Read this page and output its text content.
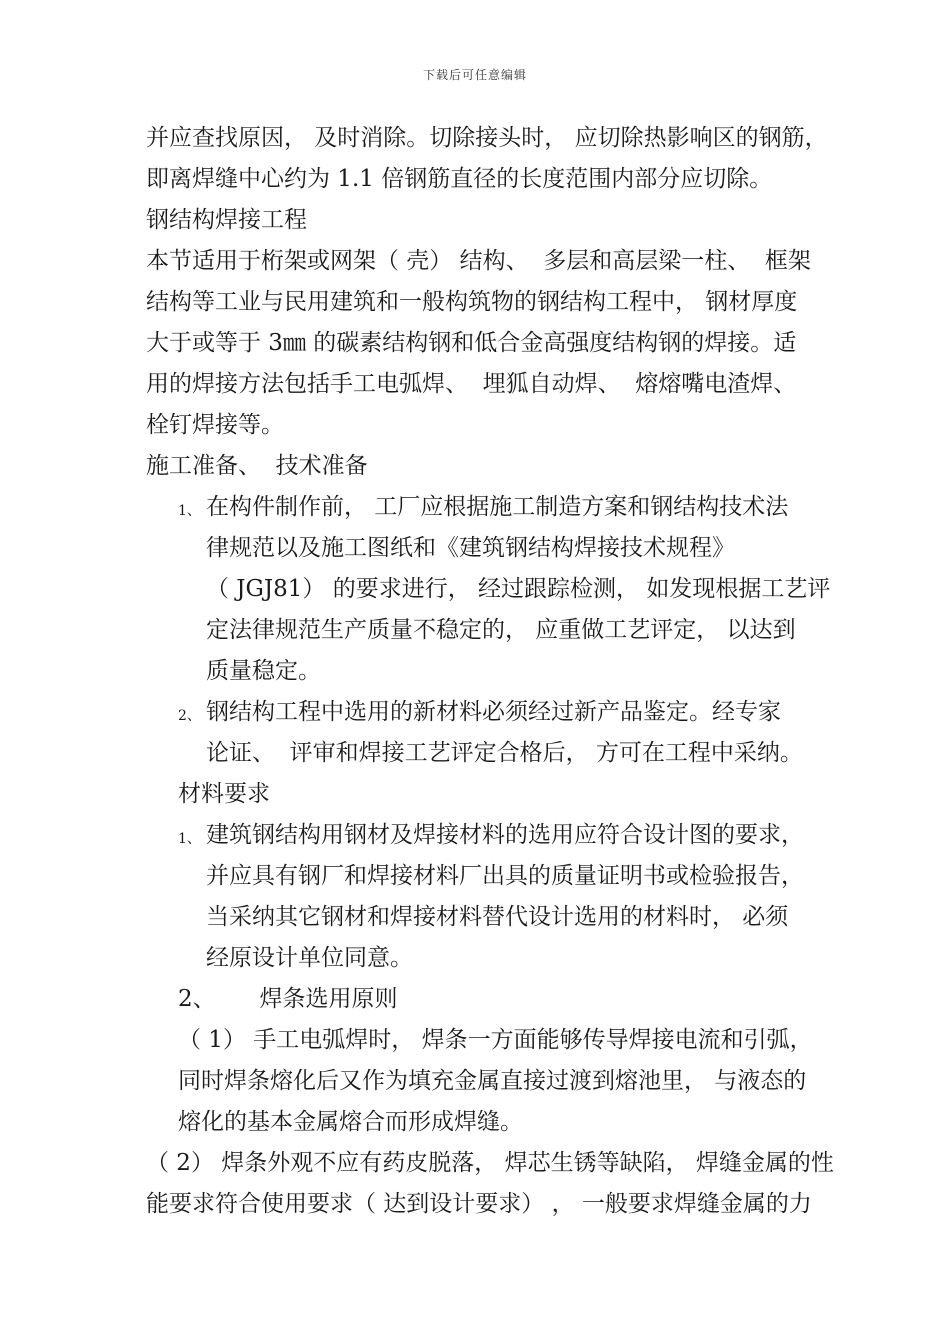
下载后可任意编辑
并应查找原因， 及时消除。切除接头时， 应切除热影响区的钢筋，
即离焊缝中心约为 1.1 倍钢筋直径的长度范围内部分应切除。
钢结构焊接工程
本节适用于桁架或网架（ 壳） 结构、  多层和高层梁一柱、  框架
结构等工业与民用建筑和一般构筑物的钢结构工程中， 钢材厚度
大于或等于 3㎜ 的碳素结构钢和低合金高强度结构钢的焊接。适
用的焊接方法包括手工电弧焊、  埋狐自动焊、  熔熔嘴电渣焊、
栓钉焊接等。
施工准备、  技术准备
1、 在构件制作前， 工厂应根据施工制造方案和钢结构技术法
律规范以及施工图纸和《建筑钢结构焊接技术规程》
（ JGJ81） 的要求进行， 经过跟踪检测， 如发现根据工艺评
定法律规范生产质量不稳定的， 应重做工艺评定， 以达到
质量稳定。
2、 钢结构工程中选用的新材料必须经过新产品鉴定。经专家
论证、  评审和焊接工艺评定合格后， 方可在工程中采纳。
材料要求
1、 建筑钢结构用钢材及焊接材料的选用应符合设计图的要求，
并应具有钢厂和焊接材料厂出具的质量证明书或检验报告，
当采纳其它钢材和焊接材料替代设计选用的材料时， 必须
经原设计单位同意。
2、      焊条选用原则
（ 1） 手工电弧焊时， 焊条一方面能够传导焊接电流和引弧，
同时焊条熔化后又作为填充金属直接过渡到熔池里， 与液态的
熔化的基本金属熔合而形成焊缝。
（ 2） 焊条外观不应有药皮脱落， 焊芯生锈等缺陷， 焊缝金属的性
能要求符合使用要求（ 达到设计要求） ， 一般要求焊缝金属的力
